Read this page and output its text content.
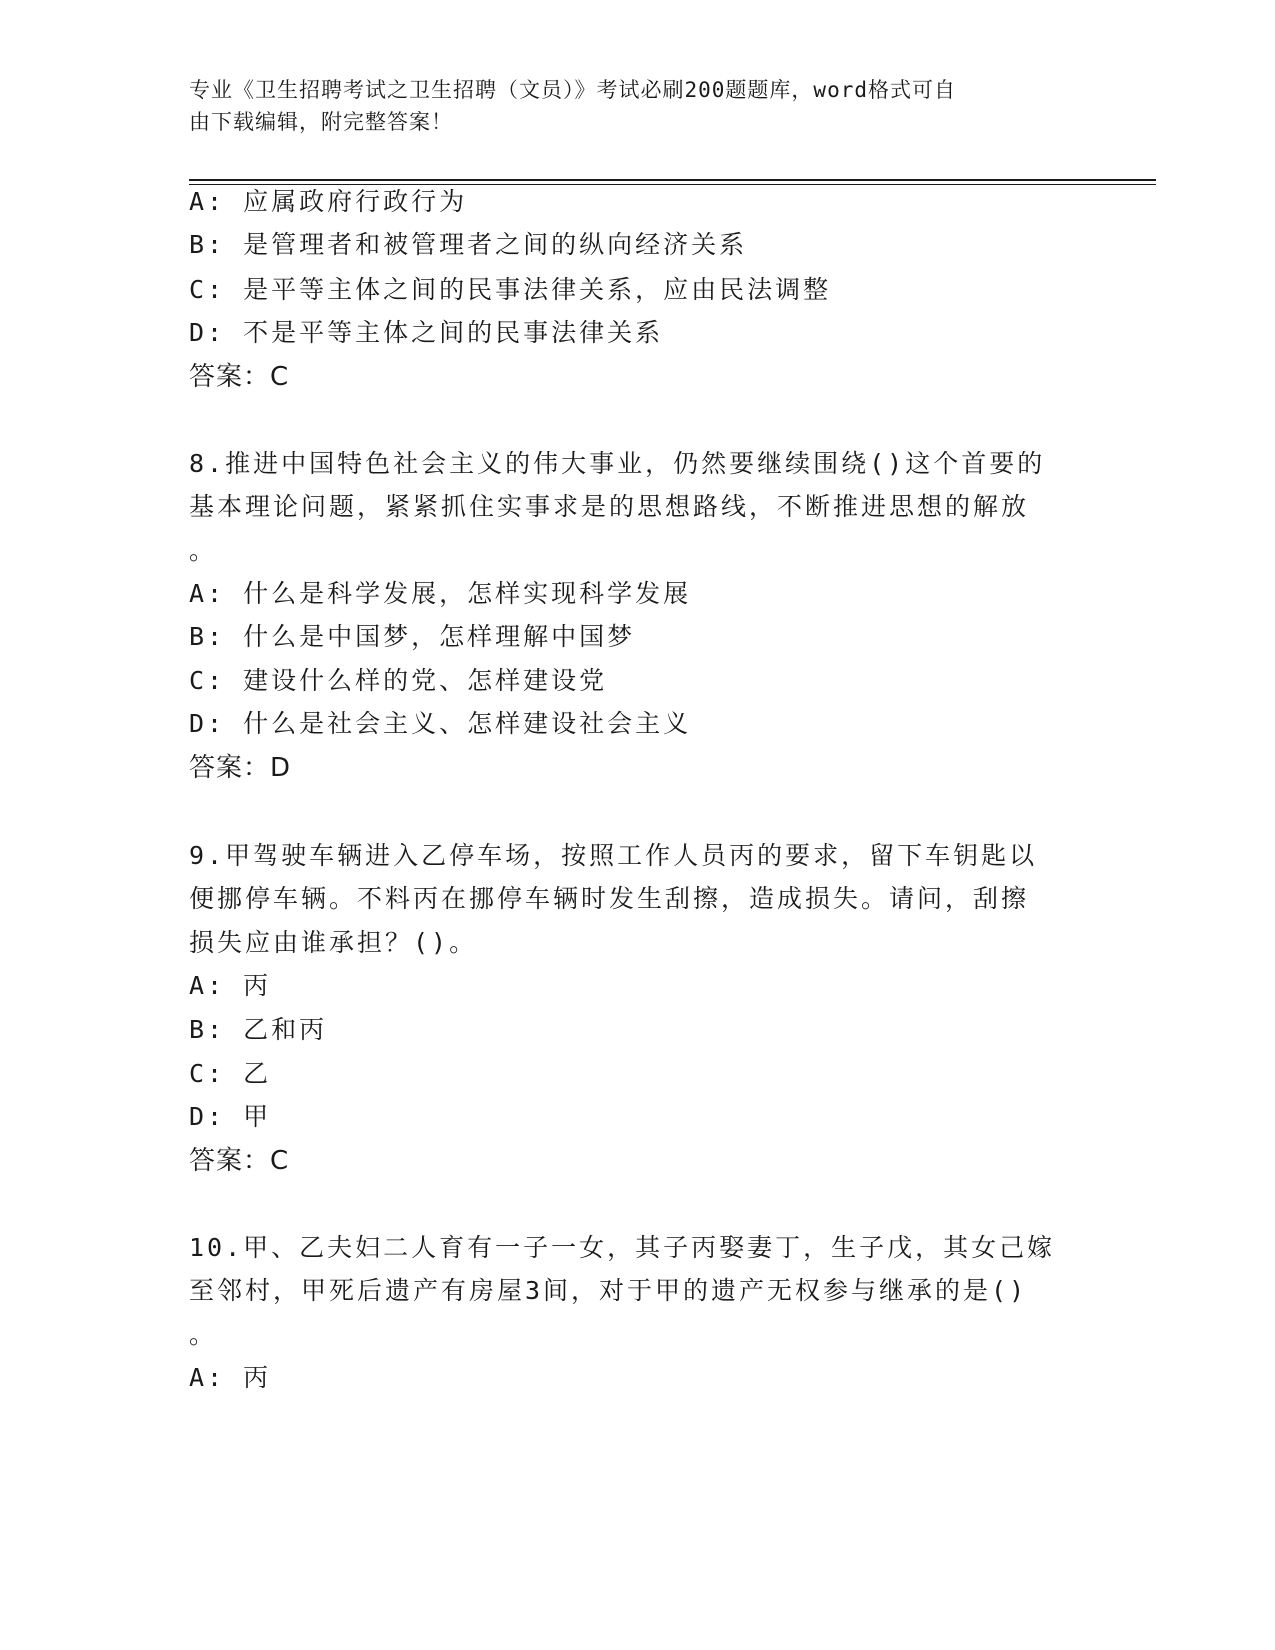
专业《卫生招聘考试之卫生招聘（文员）》考试必刷200题题库，word格式可自
由下载编辑，附完整答案！
A: 应属政府行政行为
B: 是管理者和被管理者之间的纵向经济关系
C: 是平等主体之间的民事法律关系，应由民法调整
D: 不是平等主体之间的民事法律关系
答案：C
8.推进中国特色社会主义的伟大事业，仍然要继续围绕()这个首要的
基本理论问题，紧紧抓住实事求是的思想路线，不断推进思想的解放
。
A: 什么是科学发展，怎样实现科学发展
B: 什么是中国梦，怎样理解中国梦
C: 建设什么样的党、怎样建设党
D: 什么是社会主义、怎样建设社会主义
答案：D
9.甲驾驶车辆进入乙停车场，按照工作人员丙的要求，留下车钥匙以
便挪停车辆。不料丙在挪停车辆时发生刮擦，造成损失。请问，刮擦
损失应由谁承担？()。
A: 丙
B: 乙和丙
C: 乙
D: 甲
答案：C
10.甲、乙夫妇二人育有一子一女，其子丙娶妻丁，生子戊，其女己嫁
至邻村，甲死后遗产有房屋3间，对于甲的遗产无权参与继承的是()
。
A: 丙
